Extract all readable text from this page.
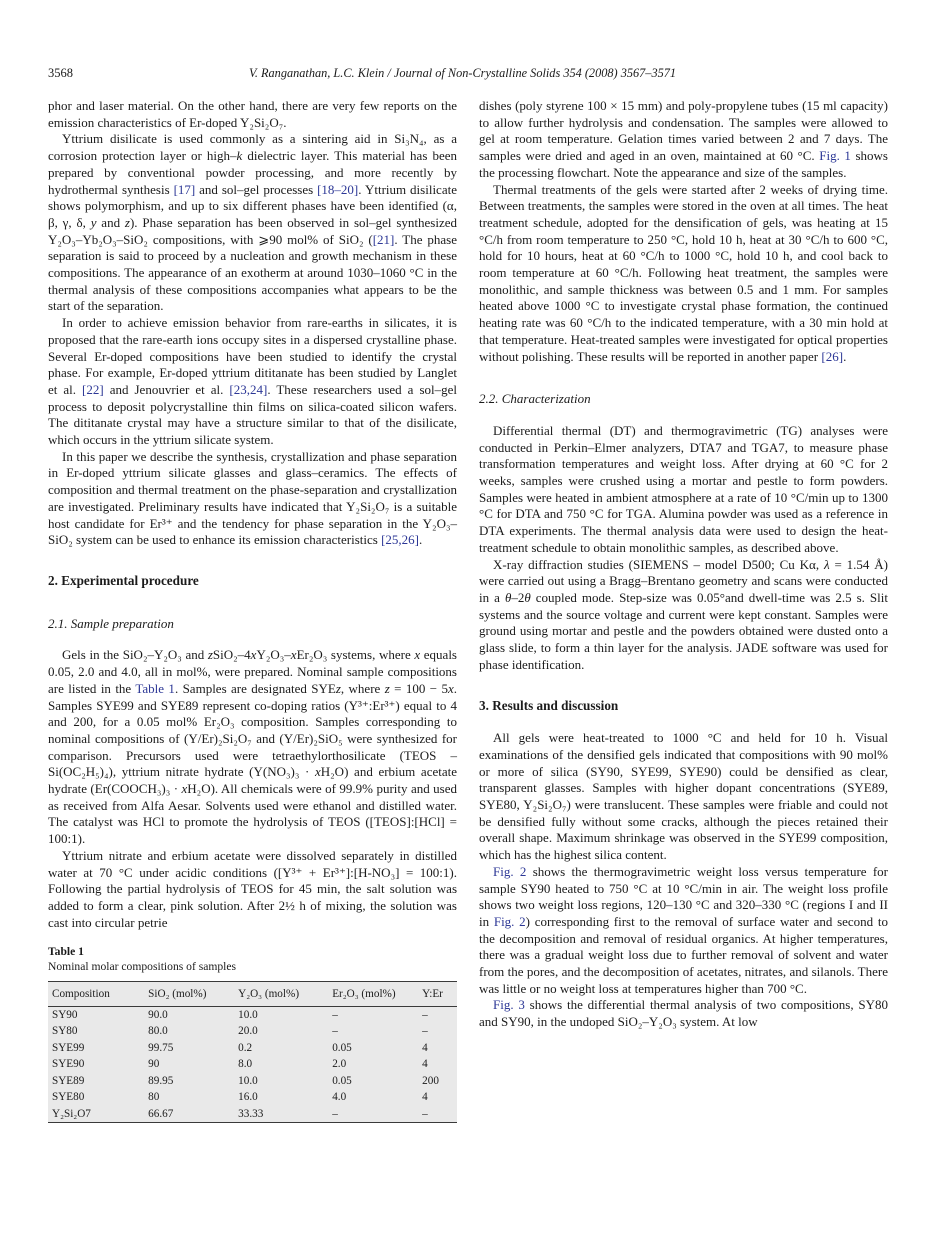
3568	V. Ranganathan, L.C. Klein / Journal of Non-Crystalline Solids 354 (2008) 3567–3571

phor and laser material. On the other hand, there are very few reports on the emission characteristics of Er-doped Y₂Si₂O₇.

Yttrium disilicate is used commonly as a sintering aid in Si₃N₄, as a corrosion protection layer or high–k dielectric layer. This material has been prepared by conventional powder processing, and more recently by hydrothermal synthesis [17] and sol–gel processes [18–20]. Yttrium disilicate shows polymorphism, and up to six different phases have been identified (α, β, γ, δ, y and z). Phase separation has been observed in sol–gel synthesized Y₂O₃–Yb₂O₃–SiO₂ compositions, with ⩾90 mol% of SiO₂ ([21]. The phase separation is said to proceed by a nucleation and growth mechanism in these compositions. The appearance of an exotherm at around 1030–1060 °C in the thermal analysis of these compositions accompanies what appears to be the start of the separation.

In order to achieve emission behavior from rare-earths in silicates, it is proposed that the rare-earth ions occupy sites in a dispersed crystalline phase. Several Er-doped compositions have been studied to identify the crystal phase. For example, Er-doped yttrium dititanate has been studied by Langlet et al. [22] and Jenouvrier et al. [23,24]. These researchers used a sol–gel process to deposit polycrystalline thin films on silica-coated silicon wafers. The dititanate crystal may have a structure similar to that of the disilicate, which occurs in the yttrium silicate system.

In this paper we describe the synthesis, crystallization and phase separation in Er-doped yttrium silicate glasses and glass–ceramics. The effects of composition and thermal treatment on the phase-separation and crystallization are investigated. Preliminary results have indicated that Y₂Si₂O₇ is a suitable host candidate for Er³⁺ and the tendency for phase separation in the Y₂O₃–SiO₂ system can be used to enhance its emission characteristics [25,26].

2. Experimental procedure
2.1. Sample preparation

Gels in the SiO₂–Y₂O₃ and zSiO₂–4xY₂O₃–xEr₂O₃ systems, where x equals 0.05, 2.0 and 4.0, all in mol%, were prepared. Nominal sample compositions are listed in the Table 1. Samples are designated SYEz, where z = 100 − 5x. Samples SYE99 and SYE89 represent co-doping ratios (Y³⁺:Er³⁺) equal to 4 and 200, for a 0.05 mol% Er₂O₃ composition. Samples corresponding to nominal compositions of (Y/Er)₂Si₂O₇ and (Y/Er)₂SiO₅ were synthesized for comparison. Precursors used were tetraethylorthosilicate (TEOS – Si(OC₂H₅)₄), yttrium nitrate hydrate (Y(NO₃)₃ · xH₂O) and erbium acetate hydrate (Er(COOCH₃)₃ · xH₂O). All chemicals were of 99.9% purity and used as received from Alfa Aesar. Solvents used were ethanol and distilled water. The catalyst was HCl to promote the hydrolysis of TEOS ([TEOS]:[HCl] = 100:1).

Yttrium nitrate and erbium acetate were dissolved separately in distilled water at 70 °C under acidic conditions ([Y³⁺ + Er³⁺]:[H-NO₃] = 100:1). Following the partial hydrolysis of TEOS for 45 min, the salt solution was added to form a clear, pink solution. After 2½ h of mixing, the solution was cast into circular petrie

Table 1
Nominal molar compositions of samples
Composition	SiO₂ (mol%)	Y₂O₃ (mol%)	Er₂O₃ (mol%)	Y:Er
SY90	90.0	10.0	–	–
SY80	80.0	20.0	–	–
SYE99	99.75	0.2	0.05	4
SYE90	90	8.0	2.0	4
SYE89	89.95	10.0	0.05	200
SYE80	80	16.0	4.0	4
Y₂Si₂O7	66.67	33.33	–	–

dishes (poly styrene 100 × 15 mm) and poly-propylene tubes (15 ml capacity) to allow further hydrolysis and condensation. The samples were allowed to gel at room temperature. Gelation times varied between 2 and 7 days. The samples were dried and aged in an oven, maintained at 60 °C. Fig. 1 shows the processing flowchart. Note the appearance and size of the samples.

Thermal treatments of the gels were started after 2 weeks of drying time. Between treatments, the samples were stored in the oven at all times. The heat treatment schedule, adopted for the densification of gels, was heating at 15 °C/h from room temperature to 250 °C, hold 10 h, heat at 30 °C/h to 600 °C, hold for 10 hours, heat at 60 °C/h to 1000 °C, hold 10 h, and cool back to room temperature at 60 °C/h. Following heat treatment, the samples were monolithic, and sample thickness was between 0.5 and 1 mm. For samples heated above 1000 °C to investigate crystal phase formation, the continued heating rate was 60 °C/h to the indicated temperature, with a 30 min hold at that temperature. Heat-treated samples were investigated for optical properties without polishing. These results will be reported in another paper [26].

2.2. Characterization

Differential thermal (DT) and thermogravimetric (TG) analyses were conducted in Perkin–Elmer analyzers, DTA7 and TGA7, to measure phase transformation temperatures and weight loss. After drying at 60 °C for 2 weeks, samples were crushed using a mortar and pestle to form powders. Samples were heated in ambient atmosphere at a rate of 10 °C/min up to 1300 °C for DTA and 750 °C for TGA. Alumina powder was used as a reference in DTA experiments. The thermal analysis data were used to design the heat-treatment schedule to obtain monolithic samples, as described above.

X-ray diffraction studies (SIEMENS – model D500; Cu Kα, λ = 1.54 Å) were carried out using a Bragg–Brentano geometry and scans were conducted in a θ–2θ coupled mode. Step-size was 0.05°and dwell-time was 2.5 s. Slit systems and the source voltage and current were kept constant. Samples were ground using mortar and pestle and the powders obtained were dusted onto a glass slide, to form a thin layer for the analysis. JADE software was used for phase identification.

3. Results and discussion

All gels were heat-treated to 1000 °C and held for 10 h. Visual examinations of the densified gels indicated that compositions with 90 mol% or more of silica (SY90, SYE99, SYE90) could be densified as clear, transparent glasses. Samples with higher dopant concentrations (SYE89, SYE80, Y₂Si₂O₇) were translucent. These samples were friable and could not be densified fully without some cracks, although the pieces retained their overall shape. Maximum shrinkage was observed in the SYE99 composition, which has the highest silica content.

Fig. 2 shows the thermogravimetric weight loss versus temperature for sample SY90 heated to 750 °C at 10 °C/min in air. The weight loss profile shows two weight loss regions, 120–130 °C and 320–330 °C (regions I and II in Fig. 2) corresponding first to the removal of surface water and second to the decomposition and removal of residual organics. At higher temperatures, there was a gradual weight loss due to further removal of solvent and water from the pores, and the decomposition of acetates, nitrates, and silanols. There was little or no weight loss at temperatures higher than 700 °C.

Fig. 3 shows the differential thermal analysis of two compositions, SY80 and SY90, in the undoped SiO₂–Y₂O₃ system. At low
